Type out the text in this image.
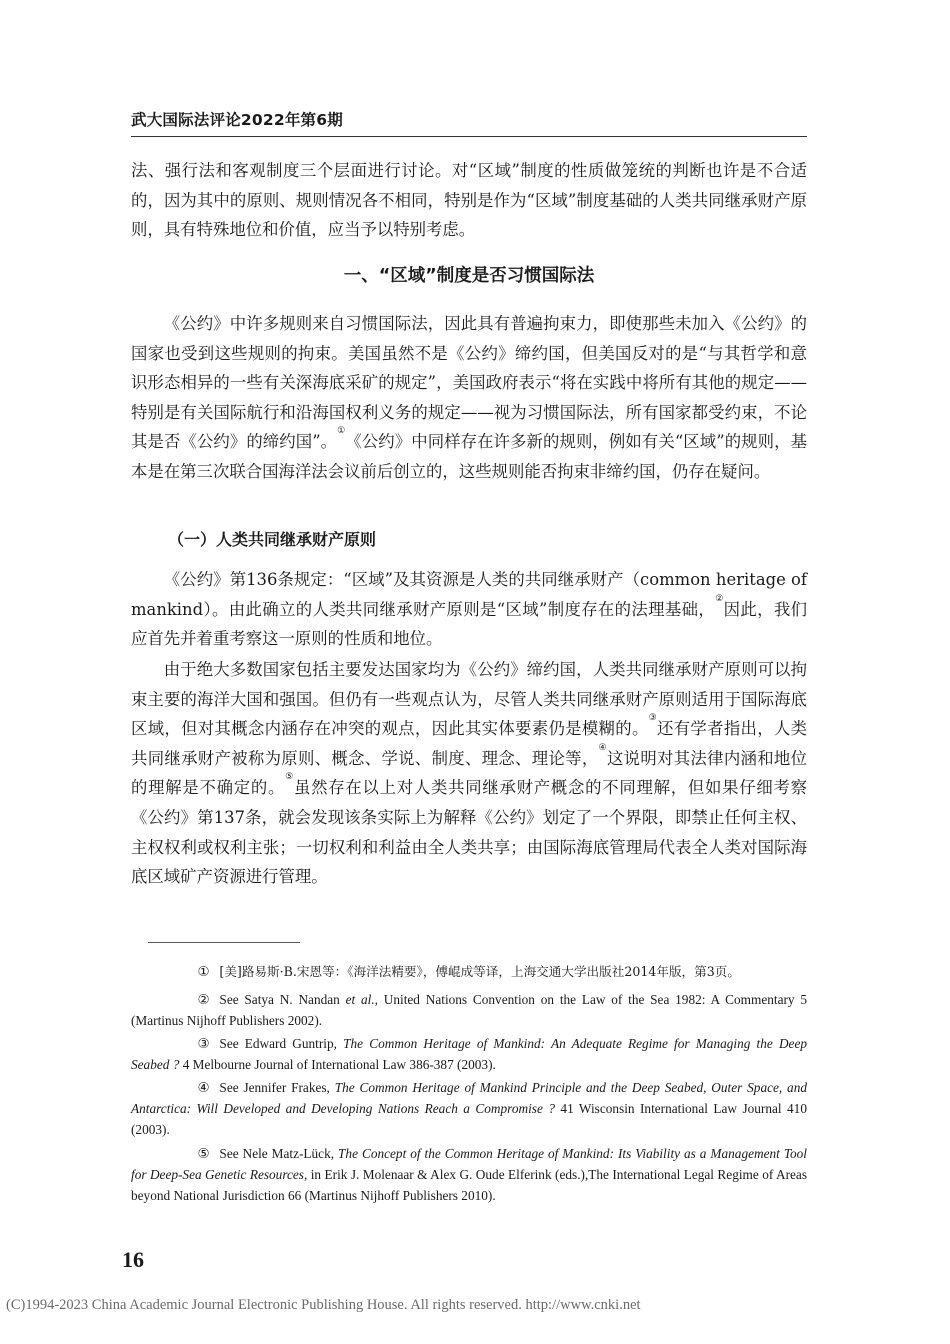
武大国际法评论2022年第6期

法、强行法和客观制度三个层面进行讨论。对“区域”制度的性质做笼统的判断也许是不合适的，因为其中的原则、规则情况各不相同，特别是作为“区域”制度基础的人类共同继承财产原则，具有特殊地位和价值，应当予以特别考虑。

一、“区域”制度是否习惯国际法

《公约》中许多规则来自习惯国际法，因此具有普遍拘束力，即使那些未加入《公约》的国家也受到这些规则的拘束。美国虽然不是《公约》缔约国，但美国反对的是“与其哲学和意识形态相异的一些有关深海底采矿的规定”，美国政府表示“将在实践中将所有其他的规定——特别是有关国际航行和沿海国权利义务的规定——视为习惯国际法，所有国家都受约束，不论其是否《公约》的缔约国”。①《公约》中同样存在许多新的规则，例如有关“区域”的规则，基本是在第三次联合国海洋法会议前后创立的，这些规则能否拘束非缔约国，仍存在疑问。

（一）人类共同继承财产原则

《公约》第136条规定：“区域”及其资源是人类的共同继承财产（common heritage of mankind）。由此确立的人类共同继承财产原则是“区域”制度存在的法理基础，②因此，我们应首先并着重考察这一原则的性质和地位。

由于绝大多数国家包括主要发达国家均为《公约》缔约国，人类共同继承财产原则可以拘束主要的海洋大国和强国。但仍有一些观点认为，尽管人类共同继承财产原则适用于国际海底区域，但对其概念内涵存在冲突的观点，因此其实体要素仍是模糊的。③还有学者指出，人类共同继承财产被称为原则、概念、学说、制度、理念、理论等，④这说明对其法律内涵和地位的理解是不确定的。⑤虽然存在以上对人类共同继承财产概念的不同理解，但如果仔细考察《公约》第137条，就会发现该条实际上为解释《公约》划定了一个界限，即禁止任何主权、主权权利或权利主张；一切权利和利益由全人类共享；由国际海底管理局代表全人类对国际海底区域矿产资源进行管理。

① [美]路易斯·B.宋恩等：《海洋法精要》，傅崐成等译，上海交通大学出版社2014年版，第3页。

② See Satya N. Nandan et al., United Nations Convention on the Law of the Sea 1982: A Commentary 5 (Martinus Nijhoff Publishers 2002).

③ See Edward Guntrip, The Common Heritage of Mankind: An Adequate Regime for Managing the Deep Seabed ? 4 Melbourne Journal of International Law 386-387 (2003).

④ See Jennifer Frakes, The Common Heritage of Mankind Principle and the Deep Seabed, Outer Space, and Antarctica: Will Developed and Developing Nations Reach a Compromise ? 41 Wisconsin International Law Journal 410 (2003).

⑤ See Nele Matz-Lück, The Concept of the Common Heritage of Mankind: Its Viability as a Management Tool for Deep-Sea Genetic Resources, in Erik J. Molenaar & Alex G. Oude Elferink (eds.),The International Legal Regime of Areas beyond National Jurisdiction 66 (Martinus Nijhoff Publishers 2010).

16
(C)1994-2023 China Academic Journal Electronic Publishing House. All rights reserved. http://www.cnki.net
